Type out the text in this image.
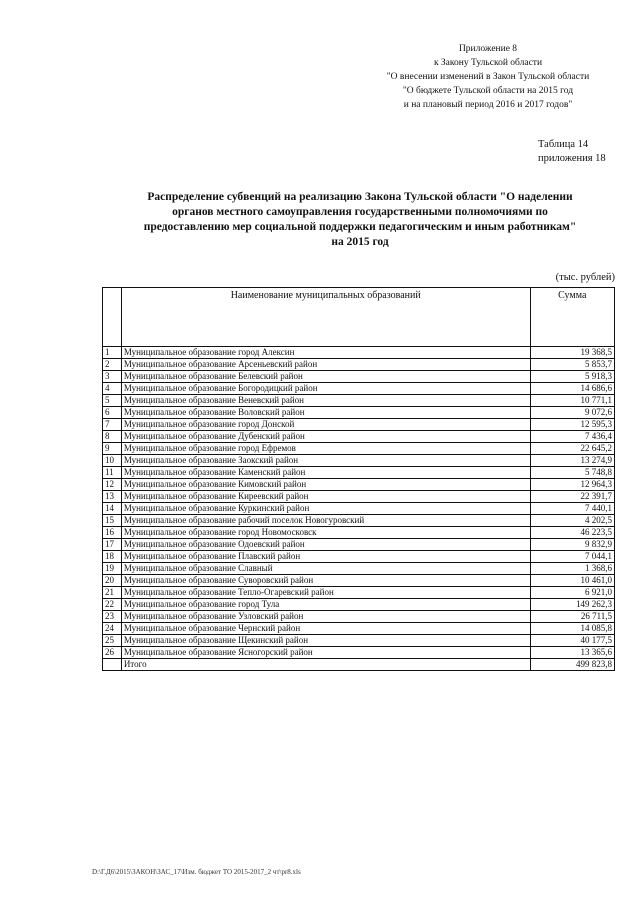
Приложение 8
к Закону Тульской области
"О внесении изменений в Закон Тульской области
"О бюджете Тульской области на 2015 год
и на плановый период 2016 и 2017 годов"
Таблица 14
приложения 18
Распределение субвенций на реализацию Закона Тульской области "О наделении
органов местного самоуправления государственными полномочиями по
предоставлению мер социальной поддержки педагогическим и иным работникам"
на 2015 год
(тыс. рублей)
	Наименование муниципальных образований	Сумма
1	Муниципальное образование город Алексин	19 368,5
2	Муниципальное образование Арсеньевский район	5 853,7
3	Муниципальное образование Белевский район	5 918,3
4	Муниципальное образование Богородицкий район	14 686,6
5	Муниципальное образование Веневский район	10 771,1
6	Муниципальное образование Воловский район	9 072,6
7	Муниципальное образование город Донской	12 595,3
8	Муниципальное образование Дубенский район	7 436,4
9	Муниципальное образование город Ефремов	22 645,2
10	Муниципальное образование Заокский район	13 274,9
11	Муниципальное образование Каменский район	5 748,8
12	Муниципальное образование Кимовский район	12 964,3
13	Муниципальное образование Киреевский район	22 391,7
14	Муниципальное образование Куркинский район	7 440,1
15	Муниципальное образование рабочий поселок Новогуровский	4 202,5
16	Муниципальное образование город Новомосковск	46 223,5
17	Муниципальное образование Одоевский район	9 832,9
18	Муниципальное образование Плавский район	7 044,1
19	Муниципальное образование Славный	1 368,6
20	Муниципальное образование Суворовский район	10 461,0
21	Муниципальное образование Тепло-Огаревский район	6 921,0
22	Муниципальное образование город Тула	149 262,3
23	Муниципальное образование Узловский район	26 711,5
24	Муниципальное образование Чернский район	14 085,8
25	Муниципальное образование Щекинский район	40 177,5
26	Муниципальное образование Ясногорский район	13 365,6
	Итого	499 823,8
D:\Г.Д6\2015\ЗАКОН\ЗАС_17\Изм. бюджет ТО 2015-2017_2 чт\pr8.xls
